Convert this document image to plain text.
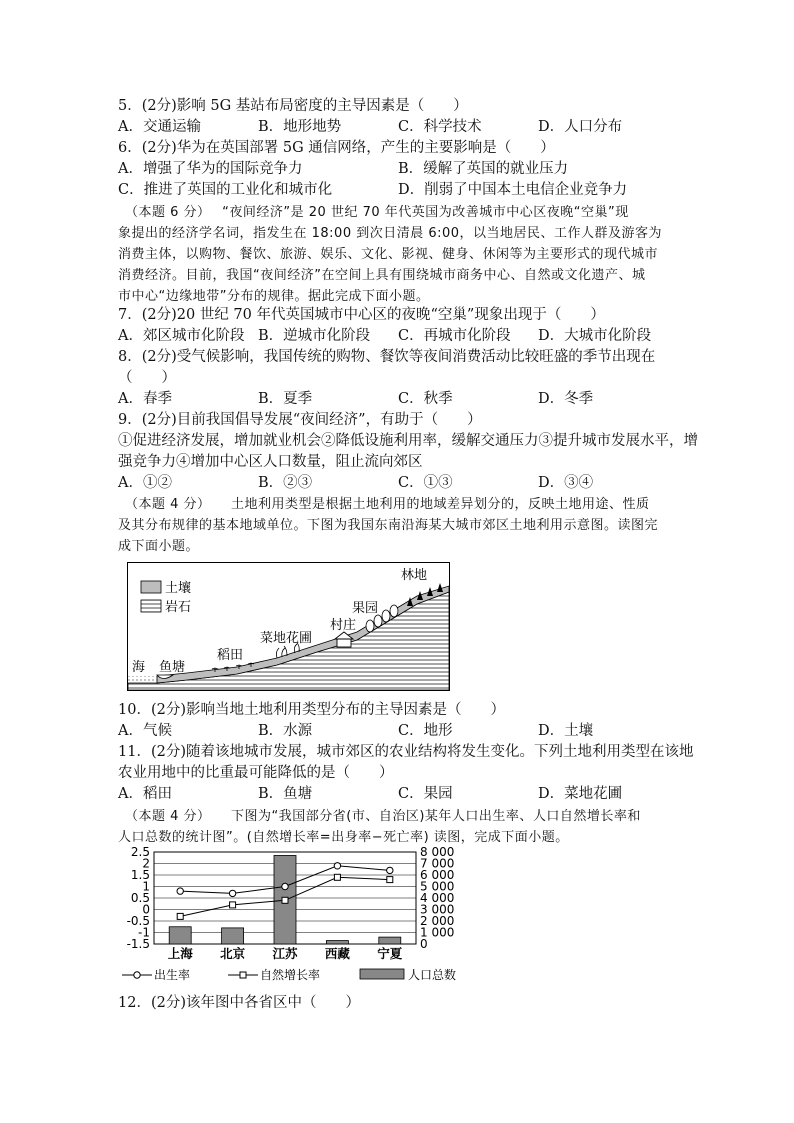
5．(2分)影响 5G 基站布局密度的主导因素是（　　）
A．交通运输	B．地形地势	C．科学技术	D．人口分布
6．(2分)华为在英国部署 5G 通信网络，产生的主要影响是（　　）
A．增强了华为的国际竞争力	B．缓解了英国的就业压力
C．推进了英国的工业化和城市化	D．削弱了中国本土电信企业竞争力

　（本题 6 分）　 “夜间经济”是 20 世纪 70 年代英国为改善城市中心区夜晚“空巢”现

象提出的经济学名词，指发生在 18:00 到次日清晨 6:00，以当地居民、工作人群及游客为

消费主体，以购物、餐饮、旅游、娱乐、文化、影视、健身、休闲等为主要形式的现代城市

消费经济。目前，我国“夜间经济”在空间上具有围绕城市商务中心、自然或文化遗产、城

市中心“边缘地带”分布的规律。据此完成下面小题。

7．(2分)20 世纪 70 年代英国城市中心区的夜晚“空巢”现象出现于（　　）
A．郊区城市化阶段 B．逆城市化阶段 C．再城市化阶段 D．大城市化阶段
8．(2分)受气候影响，我国传统的购物、餐饮等夜间消费活动比较旺盛的季节出现在
（　　）
A．春季	B．夏季	C．秋季	D．冬季
9．(2分)目前我国倡导发展“夜间经济”，有助于（　　）
①促进经济发展，增加就业机会②降低设施利用率，缓解交通压力③提升城市发展水平，增
强竞争力④增加中心区人口数量，阻止流向郊区
A．①②	B．②③	C．①③	D．③④

　（本题 4 分）　　土地利用类型是根据土地利用的地域差异划分的，反映土地用途、性质

及其分布规律的基本地域单位。下图为我国东南沿海某大城市郊区土地利用示意图。读图完

成下面小题。

土壤
岩石
海 鱼塘
稻田
菜地花圃
村庄
果园
林地
10．(2分)影响当地土地利用类型分布的主导因素是（　　）
A．气候	B．水源	C．地形	D．土壤
11．(2分)随着该地城市发展，城市郊区的农业结构将发生变化。下列土地利用类型在该地
农业用地中的比重最可能降低的是（　　）
A．稻田	B．鱼塘	C．果园	D．菜地花圃

　（本题 4 分）　　下图为“我国部分省(市、自治区)某年人口出生率、人口自然增长率和

人口总数的统计图”。(自然增长率=出身率−死亡率) 读图，完成下面小题。

2.5
2
1.5
1
0.5
0
-0.5
-1
-1.5
8 000
7 000
6 000
5 000
4 000
3 000
2 000
1 000
0
上海 北京 江苏 西藏 宁夏
出生率	自然增长率	人口总数
12．(2分)该年图中各省区中（　　）
